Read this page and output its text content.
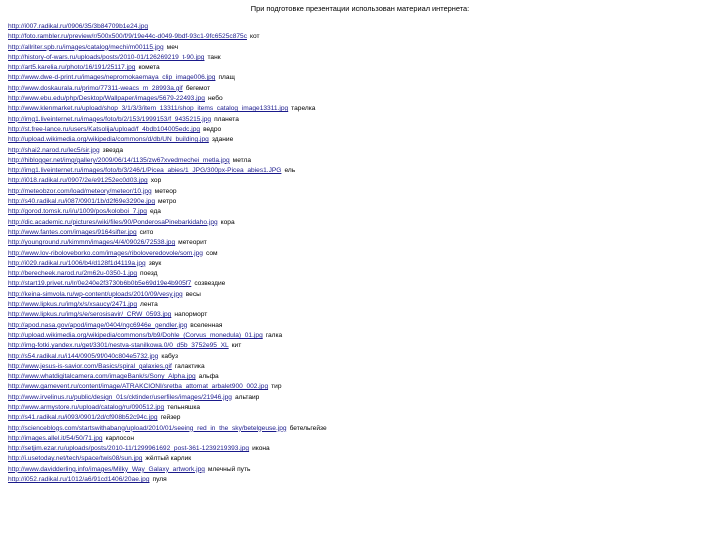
При подготовке презентации использован материал интернета:
http://i007.radikal.ru/0906/35/3b84709b1e24.jpg
http://foto.rambler.ru/preview/r/500x500/f/9/19e44c-d049-9bdf-93c1-9fc6525c875c кот
http://allriter.spb.ru/images/catalog/mechi/m00115.jpg меч
http://history-of-wars.ru/uploads/posts/2010-01/126269219_t-90.jpg танк
http://art5.karelia.ru/photo/16/191/25117.jpg комета
http://www.dwe-d-print.ru/images/nepromokaemaya_clip_image006.jpg плащ
http://www.doskaurala.ru/primo/77311-weacs_m_28993a.gif бегемот
http://www.ebu.edu/php/Desktop/Wallpaper/images/5679-22493.jpg небо
http://www.klenmarket.ru/upload/shop_3/1/3/3/item_13311/shop_items_catalog_image13311.jpg тарелка
http://img1.liveinternet.ru/images/foto/b/2/153/1999153/f_9435215.jpg планета
http://st.free-lance.ru/users/Katsolija/upload/f_4bdb104005edc.jpg ведро
http://upload.wikimedia.org/wikipedia/commons/d/db/UN_building.jpg здание
http://shai2.narod.ru/lec5/sir.jpg звезда
http://hiblogger.net/img/gallery/2009/06/14/1135/zw67xvedmechei_metla.jpg метла
http://img1.liveinternet.ru/images/foto/b/3/246/1/Picea_abies/1_JPG/300px-Picea_abies1.JPG ель
http://i018.radikal.ru/0907/2e/e91252ec0d03.jpg хор
http://meteobzor.com/load/meteory/meteor/10.jpg метеор
http://s40.radikal.ru/i087/0901/1b/d2f69e3290e.jpg метро
http://gorod.tomsk.ru/i/u/1009/pos/koloboi_7.jpg еда
http://dic.academic.ru/pictures/wiki/files/90/PonderosaPinebarkidaho.jpg кора
http://www.fantes.com/images/9164sifter.jpg сито
http://younground.ru/kimmm/images/4/4/09026/72538.jpg метеорит
http://www.lov-riboloveborko.com/images/riboloveredovole/som.jpg сом
http://i029.radikal.ru/1006/b4/d128f1d4119a.jpg звук
http://berecheek.narod.ru/2m62u-0350-1.jpg поезд
http://start19.privet.ru/lr/0e240e2f3730b6b0b5e69d19e4b905f7 созвездие
http://keina-simvola.ru/wp-content/uploads/2010/09/vesy.jpg весы
http://www.lipkus.ru/img/x/s/xsaucy/2471.jpg лента
http://www.lipkus.ru/img/s/e/serosisavir/_CRW_0593.jpg напорморт
http://apod.nasa.gov/apod/image/0404/ngc6946e_gendler.jpg вселенная
http://upload.wikimedia.org/wikipedia/commons/b/b9/Dohle_(Corvus_monedula)_01.jpg галка
http://img-fotki.yandex.ru/get/3301/nestva-stanilkowa.0/0_d5b_3752e95_XL кит
http://s54.radikal.ru/i144/0905/9f/040c804e5732.jpg кабуз
http://www.jesus-is-savior.com/Basics/spiral_galaxies.gif галактика
http://www.whatdigitalcamera.com/imageBank/s/Sony_Alpha.jpg альфа
http://www.gamevent.ru/content/image/ATRAKCIONI/sretba_attornat_arbalet900_002.jpg тир
http://www.irvelinus.ru/public/design_01s/cktinder/userfiles/images/21946.jpg альтаир
http://www.armystore.ru/upload/catalog/ru/090512.jpg тельняшка
http://s41.radikal.ru/i093/0901/2d/cf908b52c94c.jpg гейзер
http://scienceblogs.com/startswithabang/upload/2010/01/seeing_red_in_the_sky/betelgeuse.jpg бетельгейзе
http://images.allel.it/54/50/71.jpg карлосон
http://setjim.ezar.ru/uploads/posts/2010-11/1299961692_post-361-1239219393.jpg икона
http://i.usetoday.net/tech/space/twis08/sun.jpg жёлтый карлик
http://www.davidderling.info/images/Milky_Way_Galaxy_artwork.jpg млечный путь
http://i052.radikal.ru/1012/a6/91cd1406/20ae.jpg пуля
